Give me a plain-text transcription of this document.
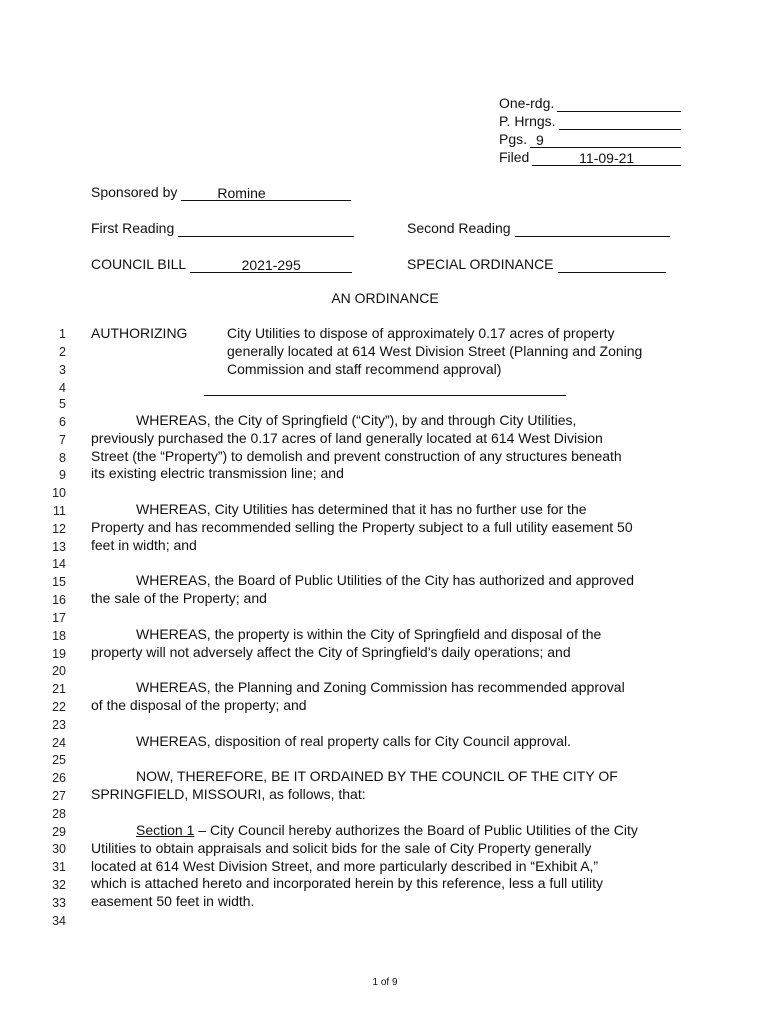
One-rdg.
P. Hrngs.
Pgs. 9
Filed	11-09-21
Sponsored by	Romine
First Reading	Second Reading
COUNCIL BILL	2021-295	SPECIAL ORDINANCE
AN ORDINANCE
1
2
3
4
5
6
7
8
9
10
11
12
13
14
15
16
17
18
19
20
21
22
23
24
25
26
27
28
29
30
31
32
33
34
AUTHORIZING	City Utilities to dispose of approximately 0.17 acres of property
generally located at 614 West Division Street (Planning and Zoning
Commission and staff recommend approval)
WHEREAS, the City of Springfield (“City”), by and through City Utilities,
previously purchased the 0.17 acres of land generally located at 614 West Division
Street (the “Property”) to demolish and prevent construction of any structures beneath
its existing electric transmission line; and
WHEREAS, City Utilities has determined that it has no further use for the
Property and has recommended selling the Property subject to a full utility easement 50
feet in width; and
WHEREAS, the Board of Public Utilities of the City has authorized and approved
the sale of the Property; and
WHEREAS, the property is within the City of Springfield and disposal of the
property will not adversely affect the City of Springfield’s daily operations; and
WHEREAS, the Planning and Zoning Commission has recommended approval
of the disposal of the property; and
WHEREAS, disposition of real property calls for City Council approval.
NOW, THEREFORE, BE IT ORDAINED BY THE COUNCIL OF THE CITY OF
SPRINGFIELD, MISSOURI, as follows, that:
Section 1 – City Council hereby authorizes the Board of Public Utilities of the City
Utilities to obtain appraisals and solicit bids for the sale of City Property generally
located at 614 West Division Street, and more particularly described in “Exhibit A,”
which is attached hereto and incorporated herein by this reference, less a full utility
easement 50 feet in width.
1 of 9
